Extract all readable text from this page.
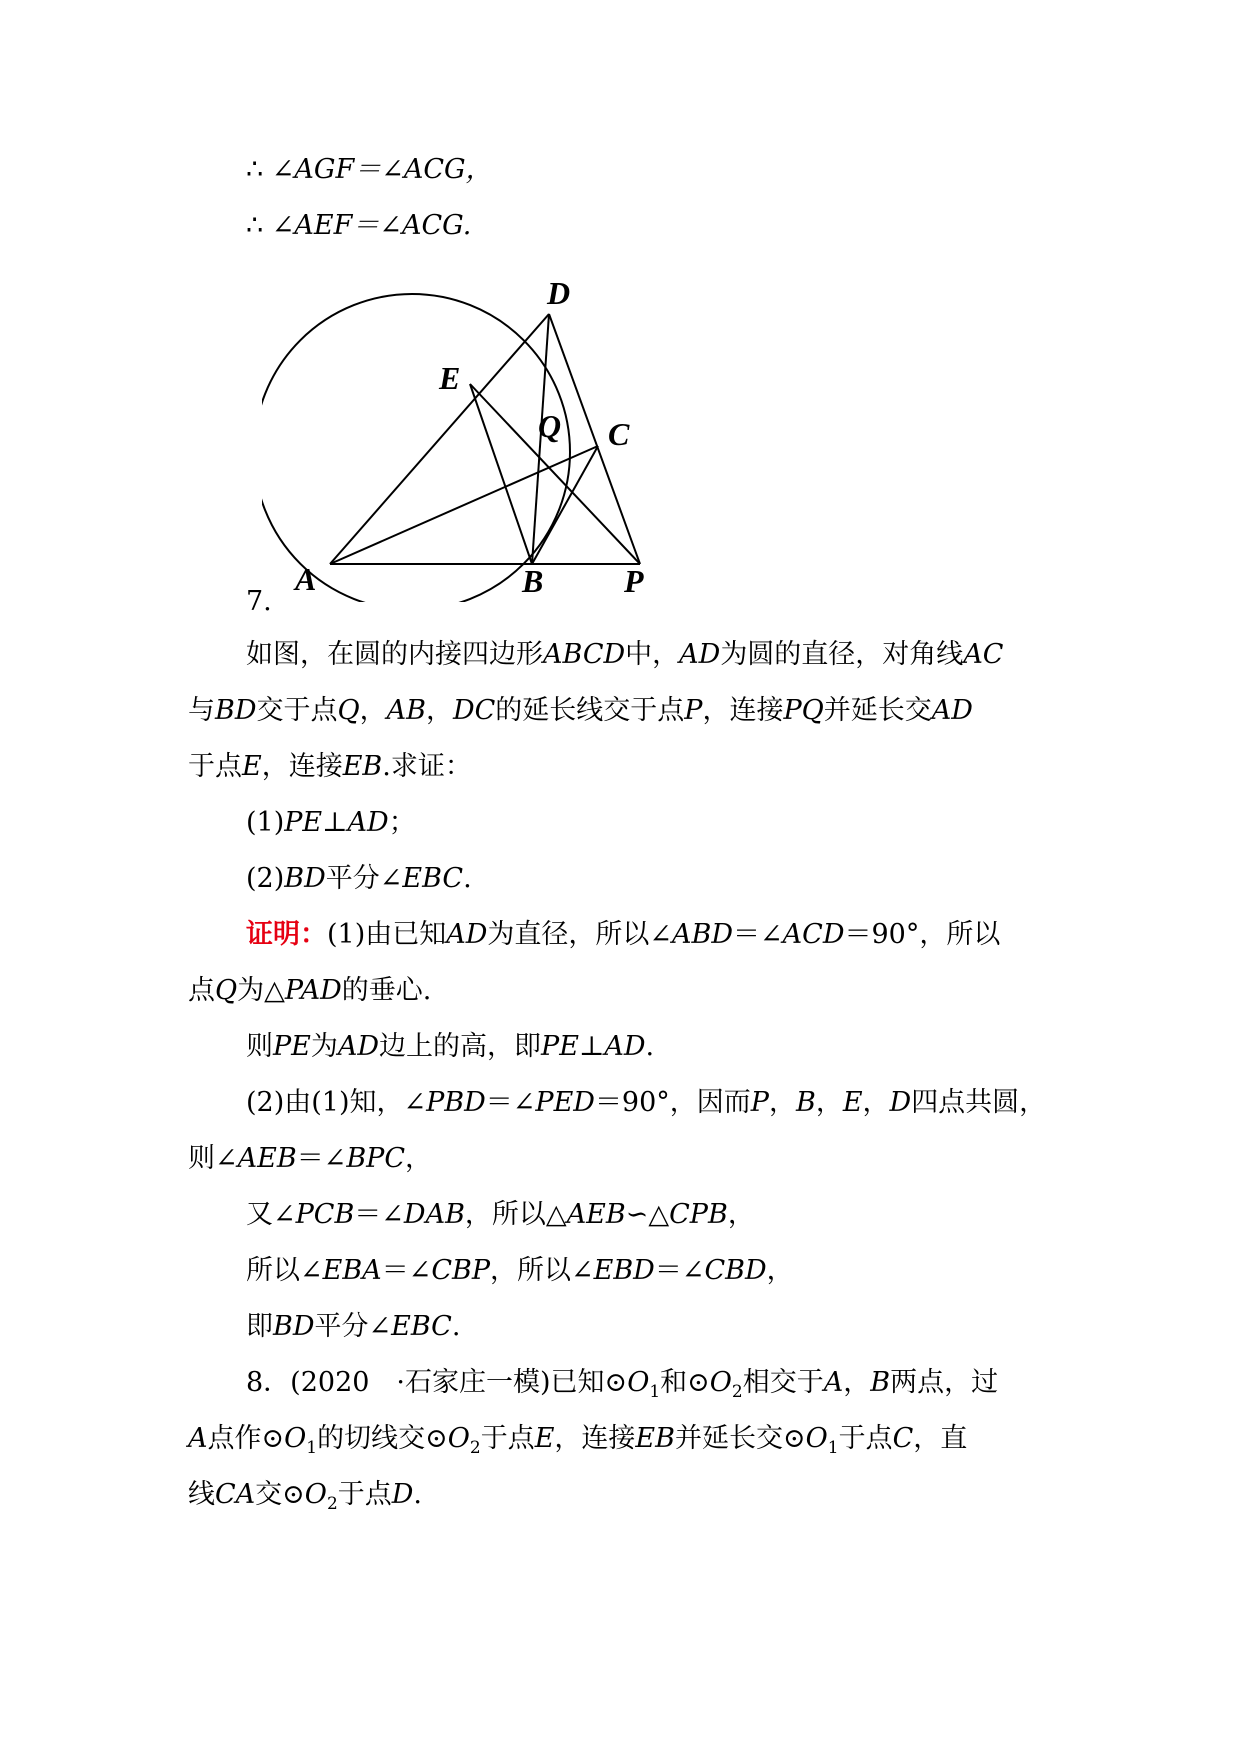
∴ ∠AGF＝∠ACG，
∴ ∠AEF＝∠ACG.
A	B
C
D
E
P
Q
7.
如图，在圆的内接四边形ABCD中，AD为圆的直径，对角线AC
与BD交于点Q，AB，DC的延长线交于点P，连接PQ并延长交AD
于点E，连接EB.求证：
(1)PE⊥AD；
(2)BD平分∠EBC.
证明：(1)由已知AD为直径，所以∠ABD＝∠ACD＝90°，所以
点Q为△PAD的垂心.
则PE为AD边上的高，即PE⊥AD.
(2)由(1)知，∠PBD＝∠PED＝90°，因而P，B，E，D四点共圆，
则∠AEB＝∠BPC，
又∠PCB＝∠DAB，所以△AEB∽△CPB，
所以∠EBA＝∠CBP，所以∠EBD＝∠CBD，
即BD平分∠EBC.
8．(2020　·石家庄一模)已知$⊙O_1$和$⊙O_2$相交于A，B两点，过
A点作$⊙O_1$的切线交$⊙O_2$于点E，连接EB并延长交$⊙O_1$于点C，直
线CA交$⊙O_2$于点D.
